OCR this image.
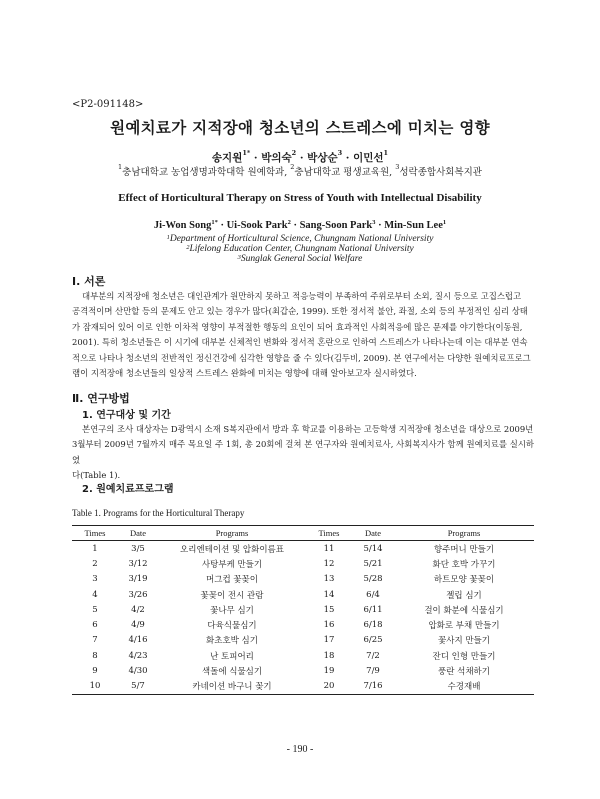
<P2-091148>
원예치료가 지적장애 청소년의 스트레스에 미치는 영향
송지원$^{1*}$ · 박의숙$^2$ · 박상순$^3$ · 이민선$^1$
$^1$충남대학교 농업생명과학대학 원예학과, $^2$충남대학교 평생교육원, $^3$성락종합사회복지관
Effect of Horticultural Therapy on Stress of Youth with Intellectual Disability
Ji-Won Song$^{1*}$ · Ui-Sook Park$^2$ · Sang-Soon Park$^3$ · Min-Sun Lee$^1$
$^1$Department of Horticultural Science, Chungnam National University
$^2$Lifelong Education Center, Chungnam National University
$^3$Sunglak General Social Welfare
Ⅰ. 서론
대부분의 지적장애 청소년은 대인관계가 원만하지 못하고 적응능력이 부족하여 주위로부터 소외, 질시 등으로 고집스럽고
공격적이며 산만할 등의 문제도 안고 있는 경우가 많다(최갑순, 1999). 또한 정서적 불안, 좌절, 소외 등의 부정적인 심리 상태
가 잠재되어 있어 이로 인한 이차적 영향이 부적절한 행동의 요인이 되어 효과적인 사회적응에 많은 문제를 야기한다(이동원,
2001). 특히 청소년들은 이 시기에 대부분 신체적인 변화와 정서적 혼란으로 인하여 스트레스가 나타나는데 이는 대부분 연속
적으로 나타나 청소년의 전반적인 정신건강에 심각한 영향을 줄 수 있다(김두비, 2009). 본 연구에서는 다양한 원예치료프로그
램이 지적장애 청소년들의 일상적 스트레스 완화에 미치는 영향에 대해 알아보고자 실시하였다.
Ⅱ. 연구방법
1. 연구대상 및 기간
본연구의 조사 대상자는 D광역시 소재 S복지관에서 방과 후 학교를 이용하는 고등학생 지적장애 청소년을 대상으로 2009년
3월부터 2009년 7월까지 매주 목요일 주 1회, 총 20회에 걸쳐 본 연구자와 원예치료사, 사회복지사가 함께 원예치료를 실시하였
다(Table 1).
2. 원예치료프로그램
Table 1. Programs for the Horticultural Therapy
Times	Date	Programs	Times	Date	Programs
1	3/5	오리엔테이션 및 압화이름표	11	5/14	향주머니 만들기
2	3/12	사탕부케 만들기	12	5/21	화단 호박 가꾸기
3	3/19	머그컵 꽃꽂이	13	5/28	하트모양 꽃꽂이
4	3/26	꽃꽂이 전시 관람	14	6/4	젤립 심기
5	4/2	꽃나무 심기	15	6/11	걸이 화분에 식물심기
6	4/9	다육식물심기	16	6/18	압화로 부채 만들기
7	4/16	화초호박 심기	17	6/25	꽃사지 만들기
8	4/23	난 토피어리	18	7/2	잔디 인형 만들기
9	4/30	색돌에 식물심기	19	7/9	풍란 석채하기
10	5/7	카네이션 바구니 꽂기	20	7/16	수경재배
- 190 -
